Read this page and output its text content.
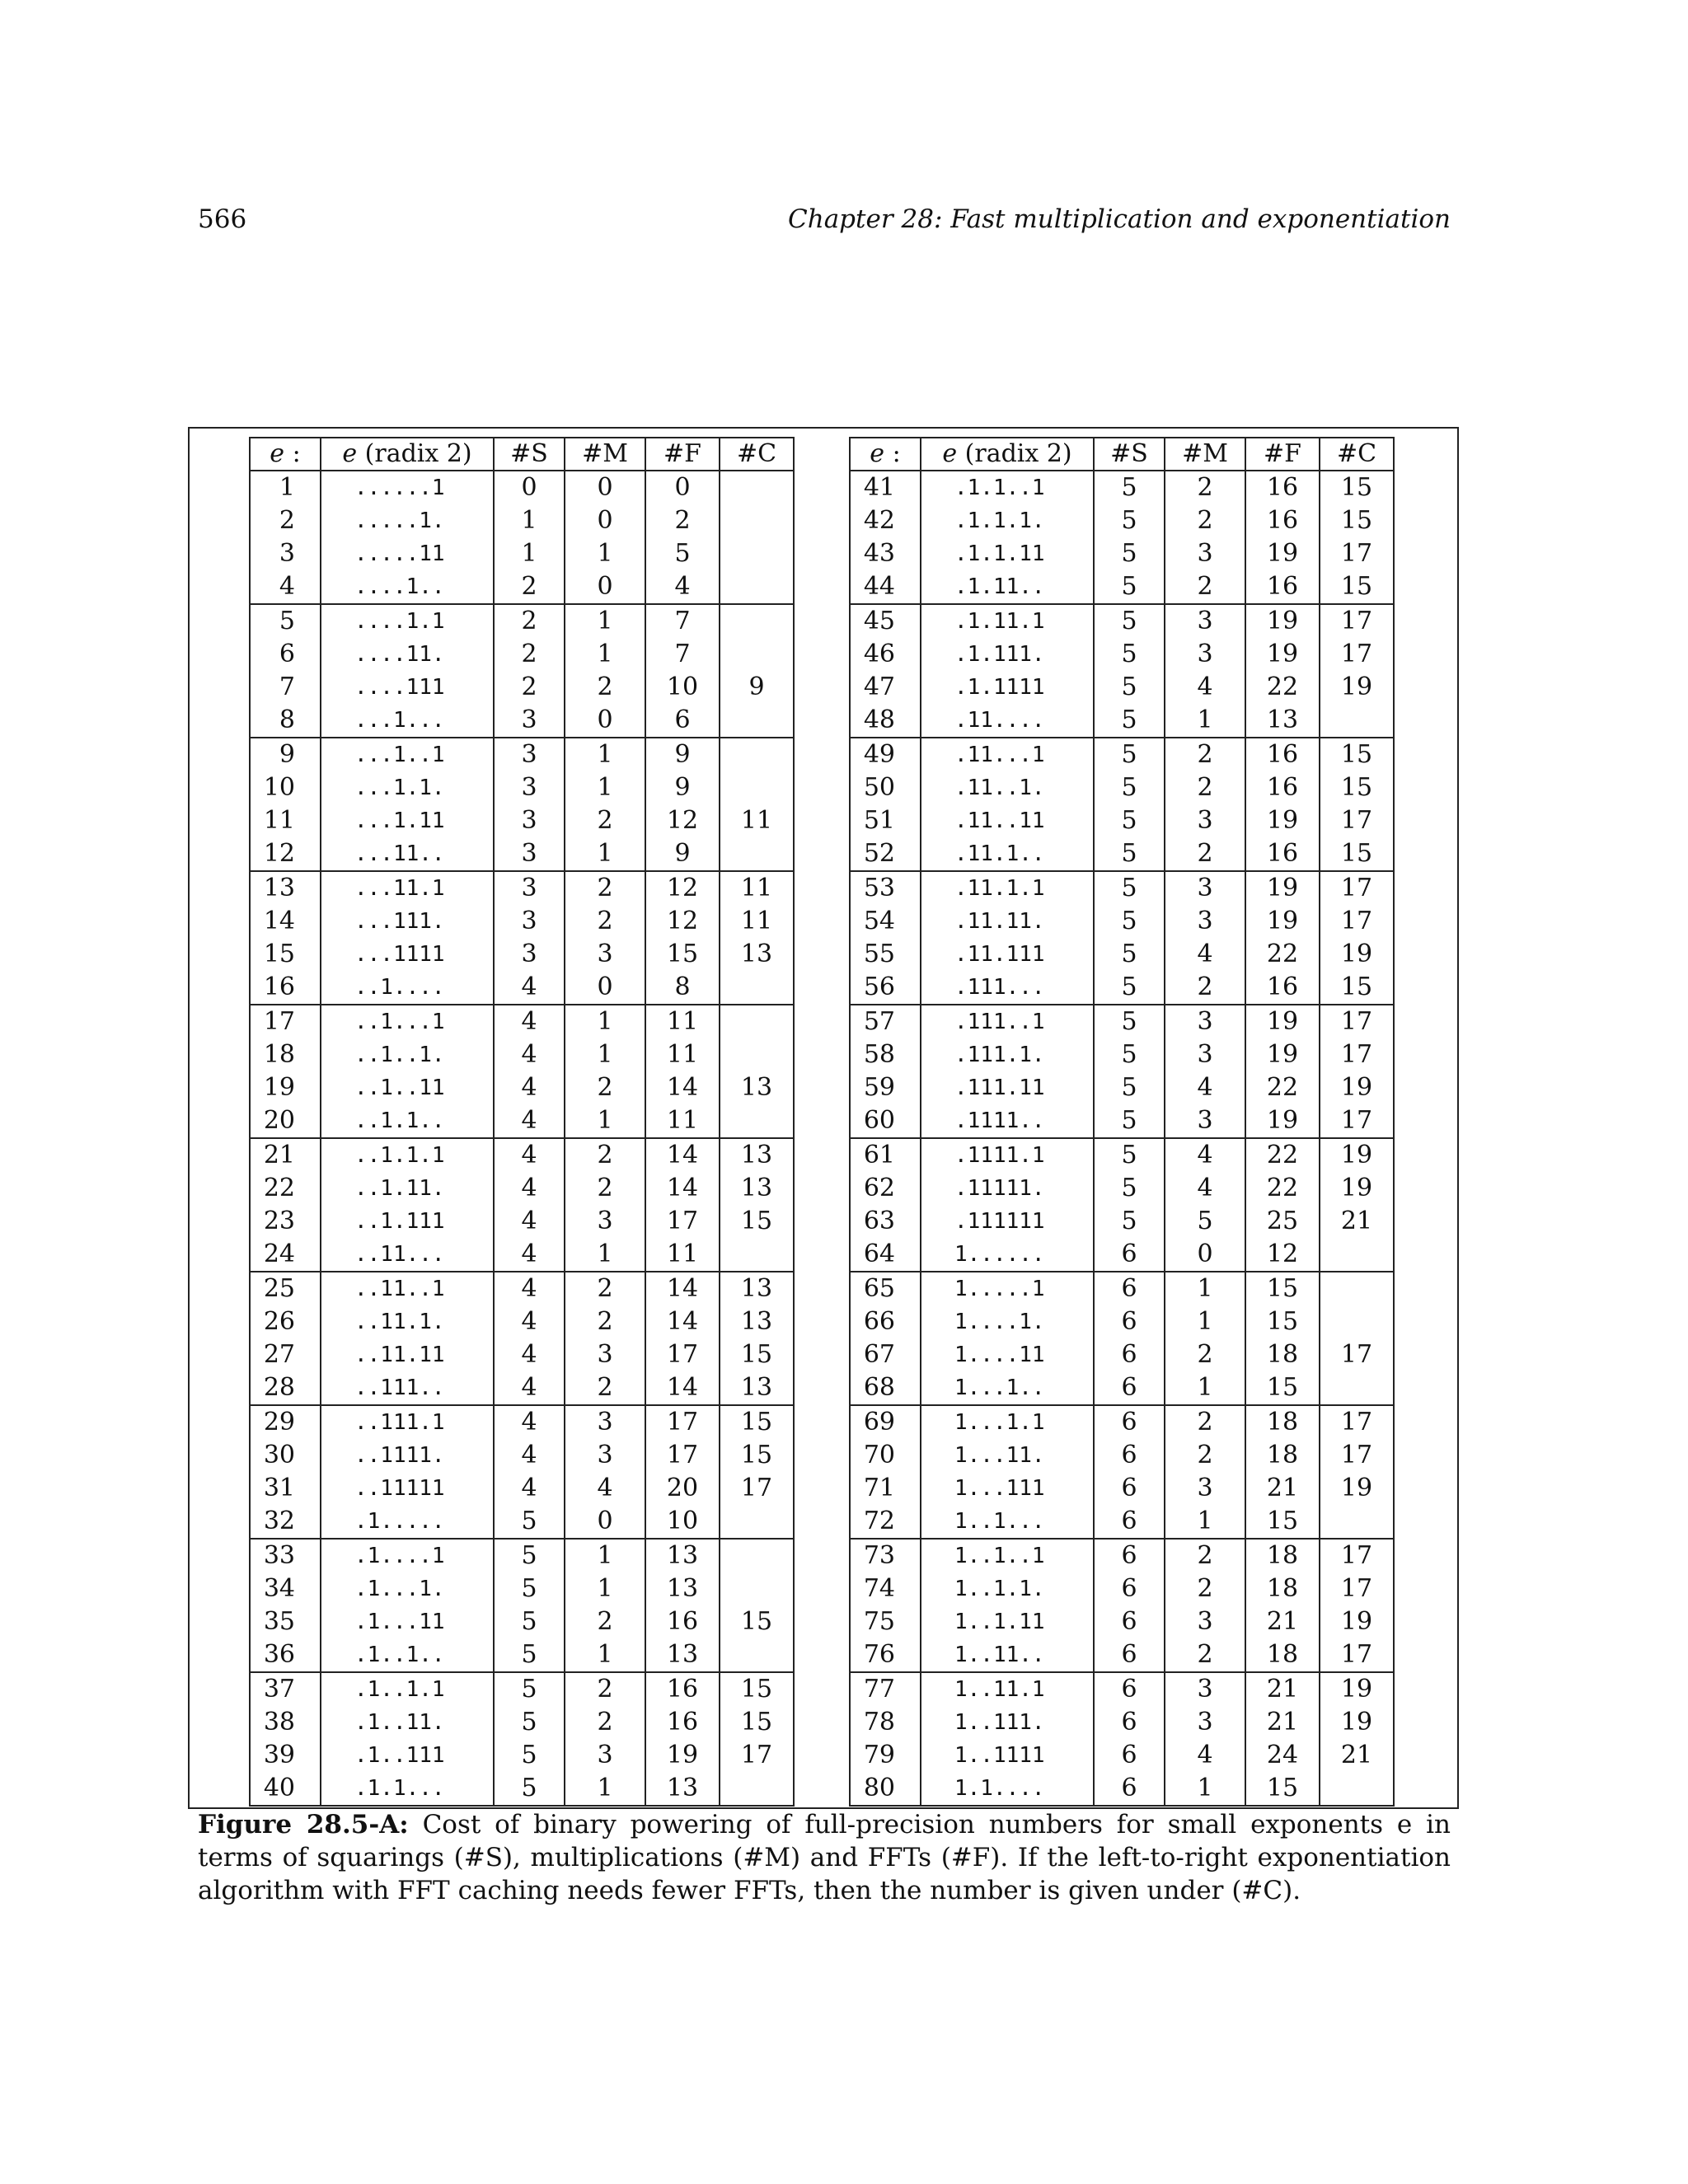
566	Chapter 28: Fast multiplication and exponentiation
e :	e (radix 2)	#S	#M	#F	#C
1	......1	0	0	0	
2	.....1.	1	0	2	
3	.....11	1	1	5	
4	....1..	2	0	4	
5	....1.1	2	1	7	
6	....11.	2	1	7	
7	....111	2	2	10	9
8	...1...	3	0	6	
9	...1..1	3	1	9	
10	...1.1.	3	1	9	
11	...1.11	3	2	12	11
12	...11..	3	1	9	
13	...11.1	3	2	12	11
14	...111.	3	2	12	11
15	...1111	3	3	15	13
16	..1....	4	0	8	
17	..1...1	4	1	11	
18	..1..1.	4	1	11	
19	..1..11	4	2	14	13
20	..1.1..	4	1	11	
21	..1.1.1	4	2	14	13
22	..1.11.	4	2	14	13
23	..1.111	4	3	17	15
24	..11...	4	1	11	
25	..11..1	4	2	14	13
26	..11.1.	4	2	14	13
27	..11.11	4	3	17	15
28	..111..	4	2	14	13
29	..111.1	4	3	17	15
30	..1111.	4	3	17	15
31	..11111	4	4	20	17
32	.1.....	5	0	10	
33	.1....1	5	1	13	
34	.1...1.	5	1	13	
35	.1...11	5	2	16	15
36	.1..1..	5	1	13	
37	.1..1.1	5	2	16	15
38	.1..11.	5	2	16	15
39	.1..111	5	3	19	17
40	.1.1...	5	1	13	
e :	e (radix 2)	#S	#M	#F	#C
41	.1.1..1	5	2	16	15
42	.1.1.1.	5	2	16	15
43	.1.1.11	5	3	19	17
44	.1.11..	5	2	16	15
45	.1.11.1	5	3	19	17
46	.1.111.	5	3	19	17
47	.1.1111	5	4	22	19
48	.11....	5	1	13	
49	.11...1	5	2	16	15
50	.11..1.	5	2	16	15
51	.11..11	5	3	19	17
52	.11.1..	5	2	16	15
53	.11.1.1	5	3	19	17
54	.11.11.	5	3	19	17
55	.11.111	5	4	22	19
56	.111...	5	2	16	15
57	.111..1	5	3	19	17
58	.111.1.	5	3	19	17
59	.111.11	5	4	22	19
60	.1111..	5	3	19	17
61	.1111.1	5	4	22	19
62	.11111.	5	4	22	19
63	.111111	5	5	25	21
64	1......	6	0	12	
65	1.....1	6	1	15	
66	1....1.	6	1	15	
67	1....11	6	2	18	17
68	1...1..	6	1	15	
69	1...1.1	6	2	18	17
70	1...11.	6	2	18	17
71	1...111	6	3	21	19
72	1..1...	6	1	15	
73	1..1..1	6	2	18	17
74	1..1.1.	6	2	18	17
75	1..1.11	6	3	21	19
76	1..11..	6	2	18	17
77	1..11.1	6	3	21	19
78	1..111.	6	3	21	19
79	1..1111	6	4	24	21
80	1.1....	6	1	15	
Figure 28.5-A: Cost of binary powering of full-precision numbers for small exponents e in terms of squarings (#S), multiplications (#M) and FFTs (#F). If the left-to-right exponentiation algorithm with FFT caching needs fewer FFTs, then the number is given under (#C).
